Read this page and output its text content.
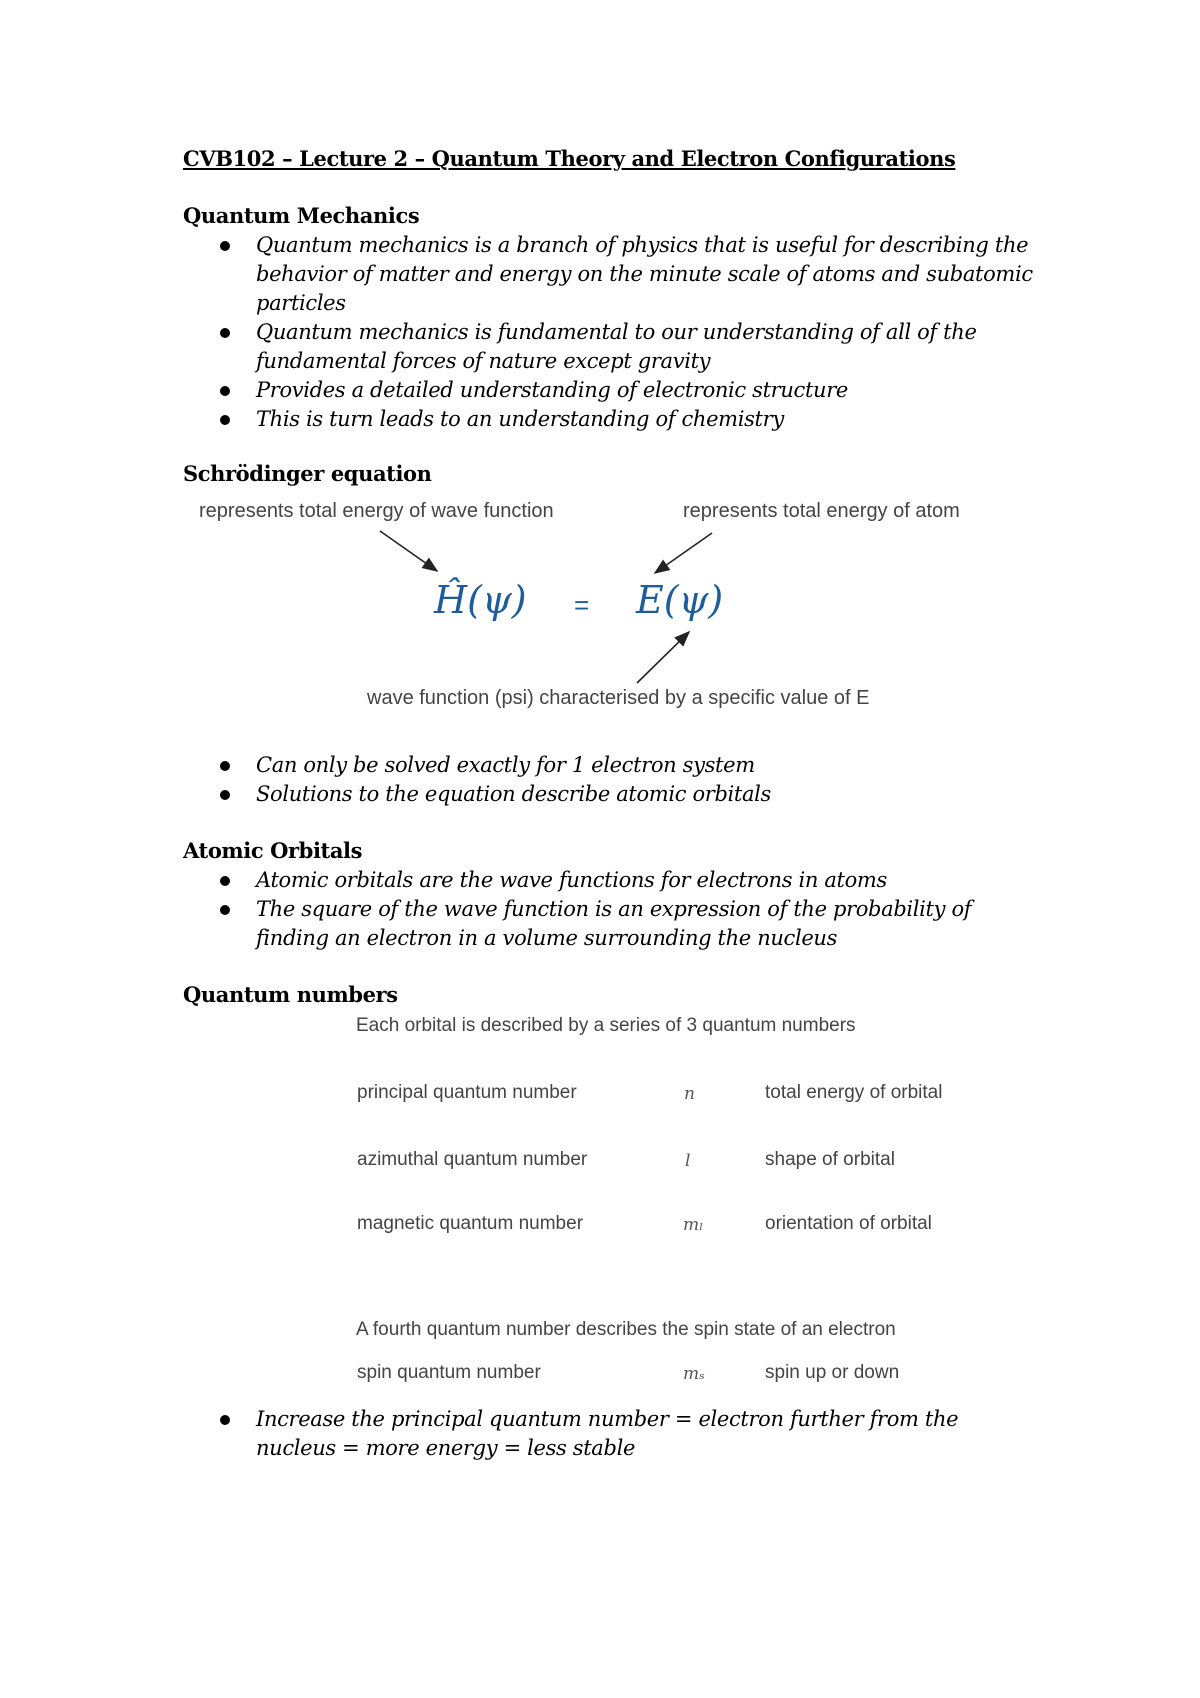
CVB102 – Lecture 2 – Quantum Theory and Electron Configurations
Quantum Mechanics
Quantum mechanics is a branch of physics that is useful for describing the behavior of matter and energy on the minute scale of atoms and subatomic particles
Quantum mechanics is fundamental to our understanding of all of the fundamental forces of nature except gravity
Provides a detailed understanding of electronic structure
This is turn leads to an understanding of chemistry
Schrödinger equation
represents total energy of wave function	represents total energy of atom
Ĥ(ψ) = E(ψ)
wave function (psi) characterised by a specific value of E
Can only be solved exactly for 1 electron system
Solutions to the equation describe atomic orbitals
Atomic Orbitals
Atomic orbitals are the wave functions for electrons in atoms
The square of the wave function is an expression of the probability of finding an electron in a volume surrounding the nucleus
Quantum numbers
Each orbital is described by a series of 3 quantum numbers
principal quantum number	n	total energy of orbital
azimuthal quantum number	l	shape of orbital
magnetic quantum number	mₗ	orientation of orbital
A fourth quantum number describes the spin state of an electron
spin quantum number	mₛ	spin up or down
Increase the principal quantum number = electron further from the nucleus = more energy = less stable
